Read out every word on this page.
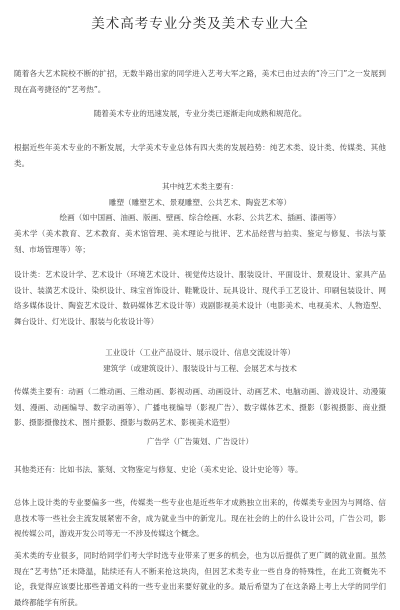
美术高考专业分类及美术专业大全

随着各大艺术院校不断的扩招，无数半路出家的同学进入艺考大军之路，美术已由过去的“冷三门”之一发展到现在高考捷径的“艺考热”。

随着美术专业的迅速发展，专业分类已逐渐走向成熟和规范化。

根据近些年美术专业的不断发展，大学美术专业总体有四大类的发展趋势：纯艺术类、设计类、传媒类、其他类。

其中纯艺术类主要有：
雕塑（雕塑艺术、景观雕塑、公共艺术、陶瓷艺术等）
绘画（如中国画、油画、版画、壁画、综合绘画、水彩、公共艺术、插画、漆画等）

美术学（美术教育、艺术教育、美术馆管理、美术理论与批评、艺术品经营与拍卖、鉴定与修复、书法与篆刻、市场管理等）等；

设计类：艺术设计学、艺术设计（环境艺术设计、视觉传达设计、服装设计、平面设计、景观设计、家具产品设计、装潢艺术设计、染织设计、珠宝首饰设计、鞋靴设计、玩具设计、现代手工艺设计、印刷包装设计、网络多媒体设计、陶瓷艺术设计、数码媒体艺术设计等）戏剧影视美术设计（电影美术、电视美术、人物造型、舞台设计、灯光设计、服装与化妆设计等）

工业设计（工业产品设计、展示设计、信息交流设计等）
建筑学（或建筑设计）、服装设计与工程、会展艺术与技术

传媒类主要有：动画（二维动画、三维动画、影视动画、动画设计、动画艺术、电脑动画、游戏设计、动漫策划、漫画、动画编导、数字动画等）、广播电视编导（影视广告）、数字媒体艺术、摄影（影视摄影、商业摄影、摄影摄像技术、图片摄影、摄影与数码艺术、影视美术造型）

广告学（广告策划、广告设计）

其他类还有：比如书法、篆刻、文物鉴定与修复、史论（美术史论、设计史论等）等。

总体上设计类的专业要偏多一些，传媒类一些专业也是近些年才成熟独立出来的，传媒类专业因为与网络、信息技术等一些社会主流发展紧密不舍，成为就业当中的新宠儿。现在社会的上的什么设计公司，广告公司，影视传媒公司，游戏开发公司等无一不涉及传媒这个概念。

美术类的专业很多，同时给同学们考大学时选专业带来了更多的机会，也为以后提供了更广阔的就业面。虽然现在“艺考热”还未降温，陆续还有人不断来抢这块肉，但因艺术类专业一些自身的特殊性，在此工资概先不论，我觉得应该要比那些普通文科的一些专业出来要好就业的多。最后希望为了在这条路上考上大学的同学们最终都能学有所获。
